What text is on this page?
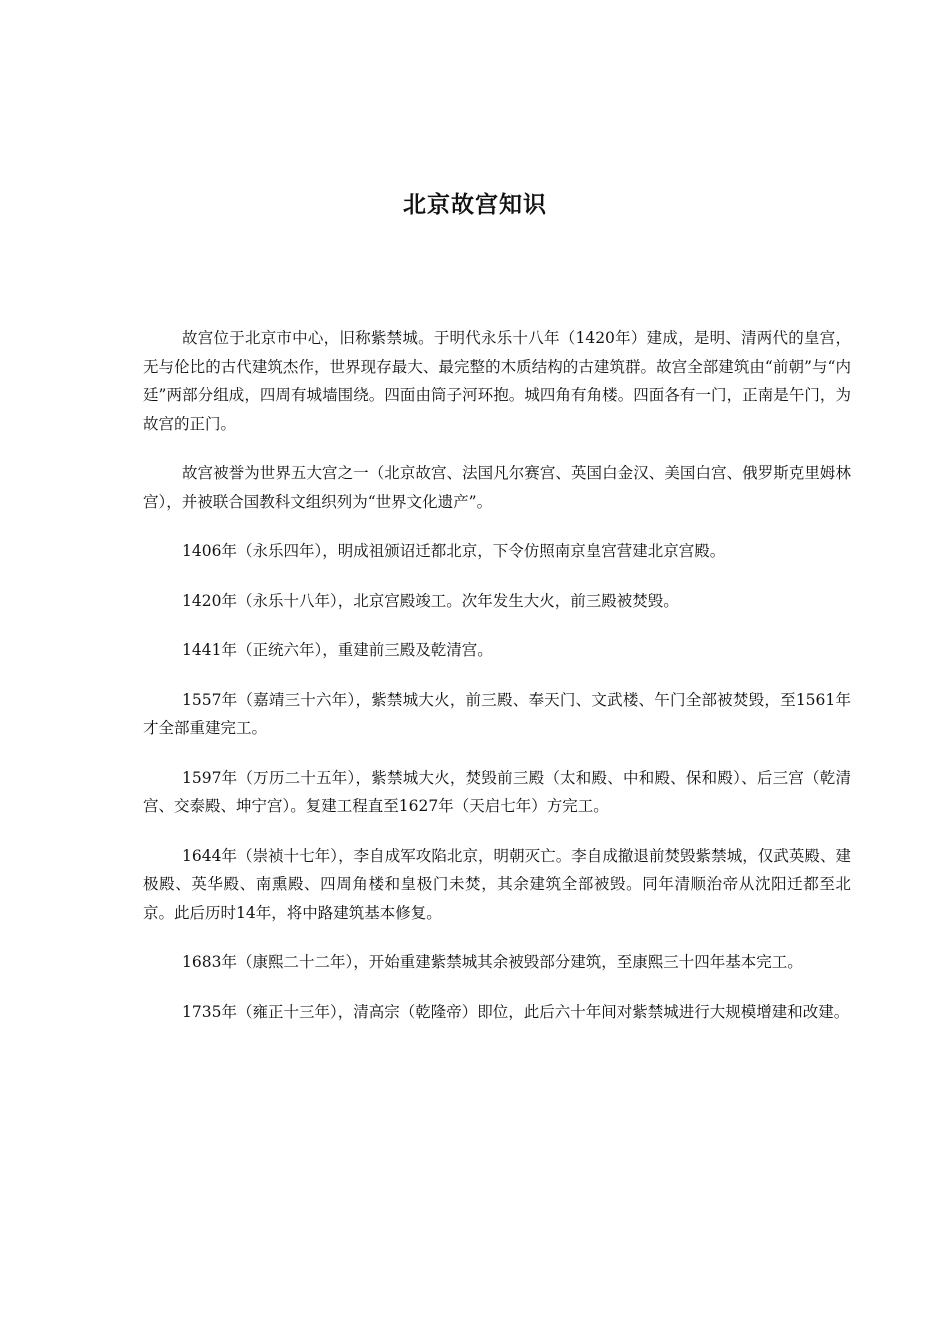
北京故宫知识

故宫位于北京市中心，旧称紫禁城。于明代永乐十八年（1420年）建成，是明、清两代的皇宫，无与伦比的古代建筑杰作，世界现存最大、最完整的木质结构的古建筑群。故宫全部建筑由“前朝”与“内廷”两部分组成，四周有城墙围绕。四面由筒子河环抱。城四角有角楼。四面各有一门，正南是午门，为故宫的正门。

故宫被誉为世界五大宫之一（北京故宫、法国凡尔赛宫、英国白金汉、美国白宫、俄罗斯克里姆林宫），并被联合国教科文组织列为“世界文化遗产”。

1406年（永乐四年），明成祖颁诏迁都北京，下令仿照南京皇宫营建北京宫殿。

1420年（永乐十八年），北京宫殿竣工。次年发生大火，前三殿被焚毁。

1441年（正统六年），重建前三殿及乾清宫。

1557年（嘉靖三十六年），紫禁城大火，前三殿、奉天门、文武楼、午门全部被焚毁，至1561年才全部重建完工。

1597年（万历二十五年），紫禁城大火，焚毁前三殿（太和殿、中和殿、保和殿）、后三宫（乾清宫、交泰殿、坤宁宫）。复建工程直至1627年（天启七年）方完工。

1644年（崇祯十七年），李自成军攻陷北京，明朝灭亡。李自成撤退前焚毁紫禁城，仅武英殿、建极殿、英华殿、南熏殿、四周角楼和皇极门未焚，其余建筑全部被毁。同年清顺治帝从沈阳迁都至北京。此后历时14年，将中路建筑基本修复。

1683年（康熙二十二年），开始重建紫禁城其余被毁部分建筑，至康熙三十四年基本完工。

1735年（雍正十三年），清高宗（乾隆帝）即位，此后六十年间对紫禁城进行大规模增建和改建。
